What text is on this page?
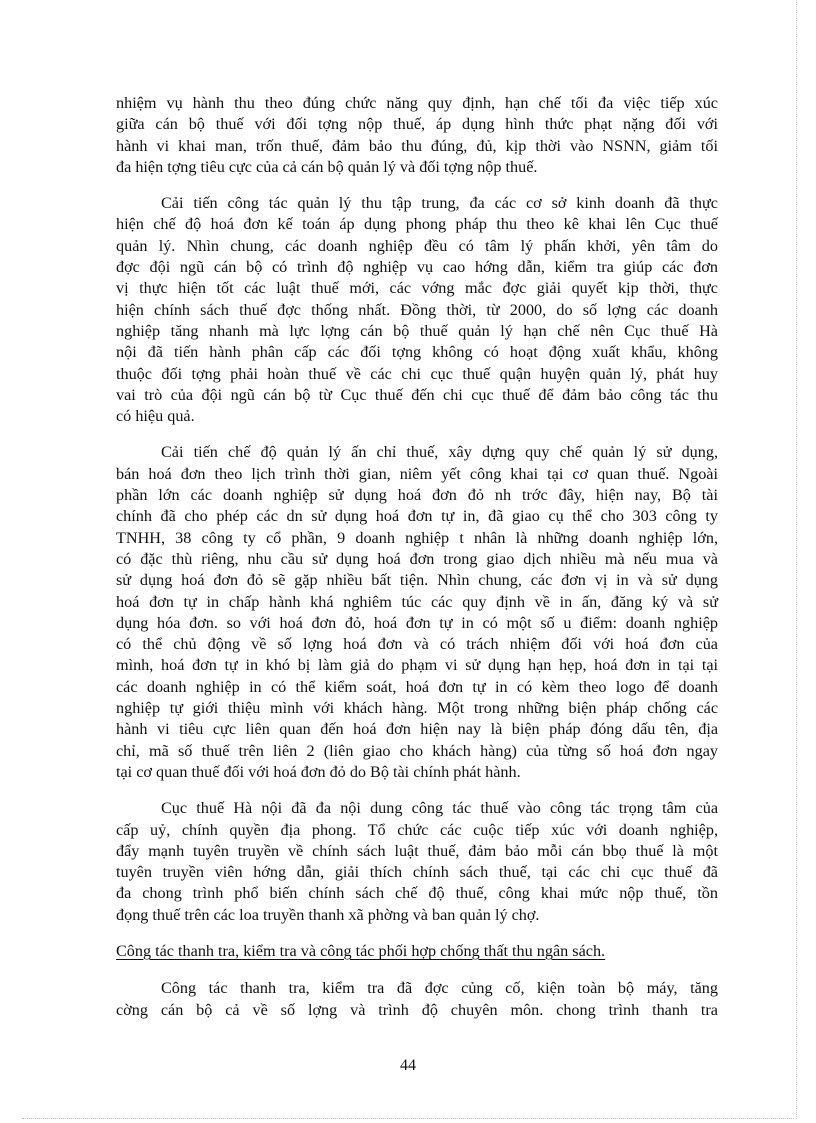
nhiệm vụ hành thu theo đúng chức năng quy định, hạn chế tối đa việc tiếp xúc
giữa cán bộ thuế với đối tợng nộp thuế, áp dụng hình thức phạt nặng đối với
hành vi khai man, trốn thuế, đảm bảo thu đúng, đủ, kịp thời vào NSNN, giảm tối
đa hiện tợng tiêu cực của cả cán bộ quản lý và đối tợng nộp thuế.

Cải tiến công tác quản lý thu tập trung, đa các cơ sở kinh doanh đã thực
hiện chế độ hoá đơn kế toán áp dụng phong pháp thu theo kê khai lên Cục thuế
quản lý. Nhìn chung, các doanh nghiệp đều có tâm lý phấn khởi, yên tâm do
đợc đội ngũ cán bộ có trình độ nghiệp vụ cao hớng dẫn, kiểm tra giúp các đơn
vị thực hiện tốt các luật thuế mới, các vớng mắc đợc giải quyết kịp thời, thực
hiện chính sách thuế đợc thống nhất. Đồng thời, từ 2000, do số lợng các doanh
nghiệp tăng nhanh mà lực lợng cán bộ thuế quản lý hạn chế nên Cục thuế Hà
nội đã tiến hành phân cấp các đối tợng không có hoạt động xuất khẩu, không
thuộc đối tợng phải hoàn thuế về các chi cục thuế quận huyện quản lý, phát huy
vai trò của đội ngũ cán bộ từ Cục thuế đến chi cục thuế để đảm bảo công tác thu
có hiệu quả.

Cải tiến chế độ quản lý ấn chỉ thuế, xây dựng quy chế quản lý sử dụng,
bán hoá đơn theo lịch trình thời gian, niêm yết công khai tại cơ quan thuế. Ngoài
phần lớn các doanh nghiệp sử dụng hoá đơn đỏ nh trớc đây, hiện nay, Bộ tài
chính đã cho phép các dn sử dụng hoá đơn tự in, đã giao cụ thể cho 303 công ty
TNHH, 38 công ty cổ phần, 9 doanh nghiệp t nhân là những doanh nghiệp lớn,
có đặc thù riêng, nhu cầu sử dụng hoá đơn trong giao dịch nhiều mà nếu mua và
sử dụng hoá đơn đỏ sẽ gặp nhiều bất tiện. Nhìn chung, các đơn vị in và sử dụng
hoá đơn tự in chấp hành khá nghiêm túc các quy định về in ấn, đăng ký và sử
dụng hóa đơn. so với hoá đơn đỏ, hoá đơn tự in có một số u điểm: doanh nghiệp
có thể chủ động về số lợng hoá đơn và có trách nhiệm đối với hoá đơn của
mình, hoá đơn tự in khó bị làm giả do phạm vi sử dụng hạn hẹp, hoá đơn in tại tại
các doanh nghiệp in có thể kiểm soát, hoá đơn tự in có kèm theo logo để doanh
nghiệp tự giới thiệu mình với khách hàng. Một trong những biện pháp chống các
hành vi tiêu cực liên quan đến hoá đơn hiện nay là biện pháp đóng dấu tên, địa
chỉ, mã số thuế trên liên 2 (liên giao cho khách hàng) của từng số hoá đơn ngay
tại cơ quan thuế đối với hoá đơn đỏ do Bộ tài chính phát hành.

Cục thuế Hà nội đã đa nội dung công tác thuế vào công tác trọng tâm của
cấp uỷ, chính quyền địa phong. Tổ chức các cuộc tiếp xúc với doanh nghiệp,
đẩy mạnh tuyên truyền về chính sách luật thuế, đảm bảo mỗi cán bbọ thuế là một
tuyên truyền viên hớng dẫn, giải thích chính sách thuế, tại các chi cục thuế đã
đa chong trình phổ biến chính sách chế độ thuế, công khai mức nộp thuế, tồn
đọng thuế trên các loa truyền thanh xã phờng và ban quản lý chợ.

Công tác thanh tra, kiểm tra và công tác phối hợp chống thất thu ngân sách.

Công tác thanh tra, kiểm tra đã đợc củng cố, kiện toàn bộ máy, tăng
cờng cán bộ cả về số lợng và trình độ chuyên môn. chong trình thanh tra

44
